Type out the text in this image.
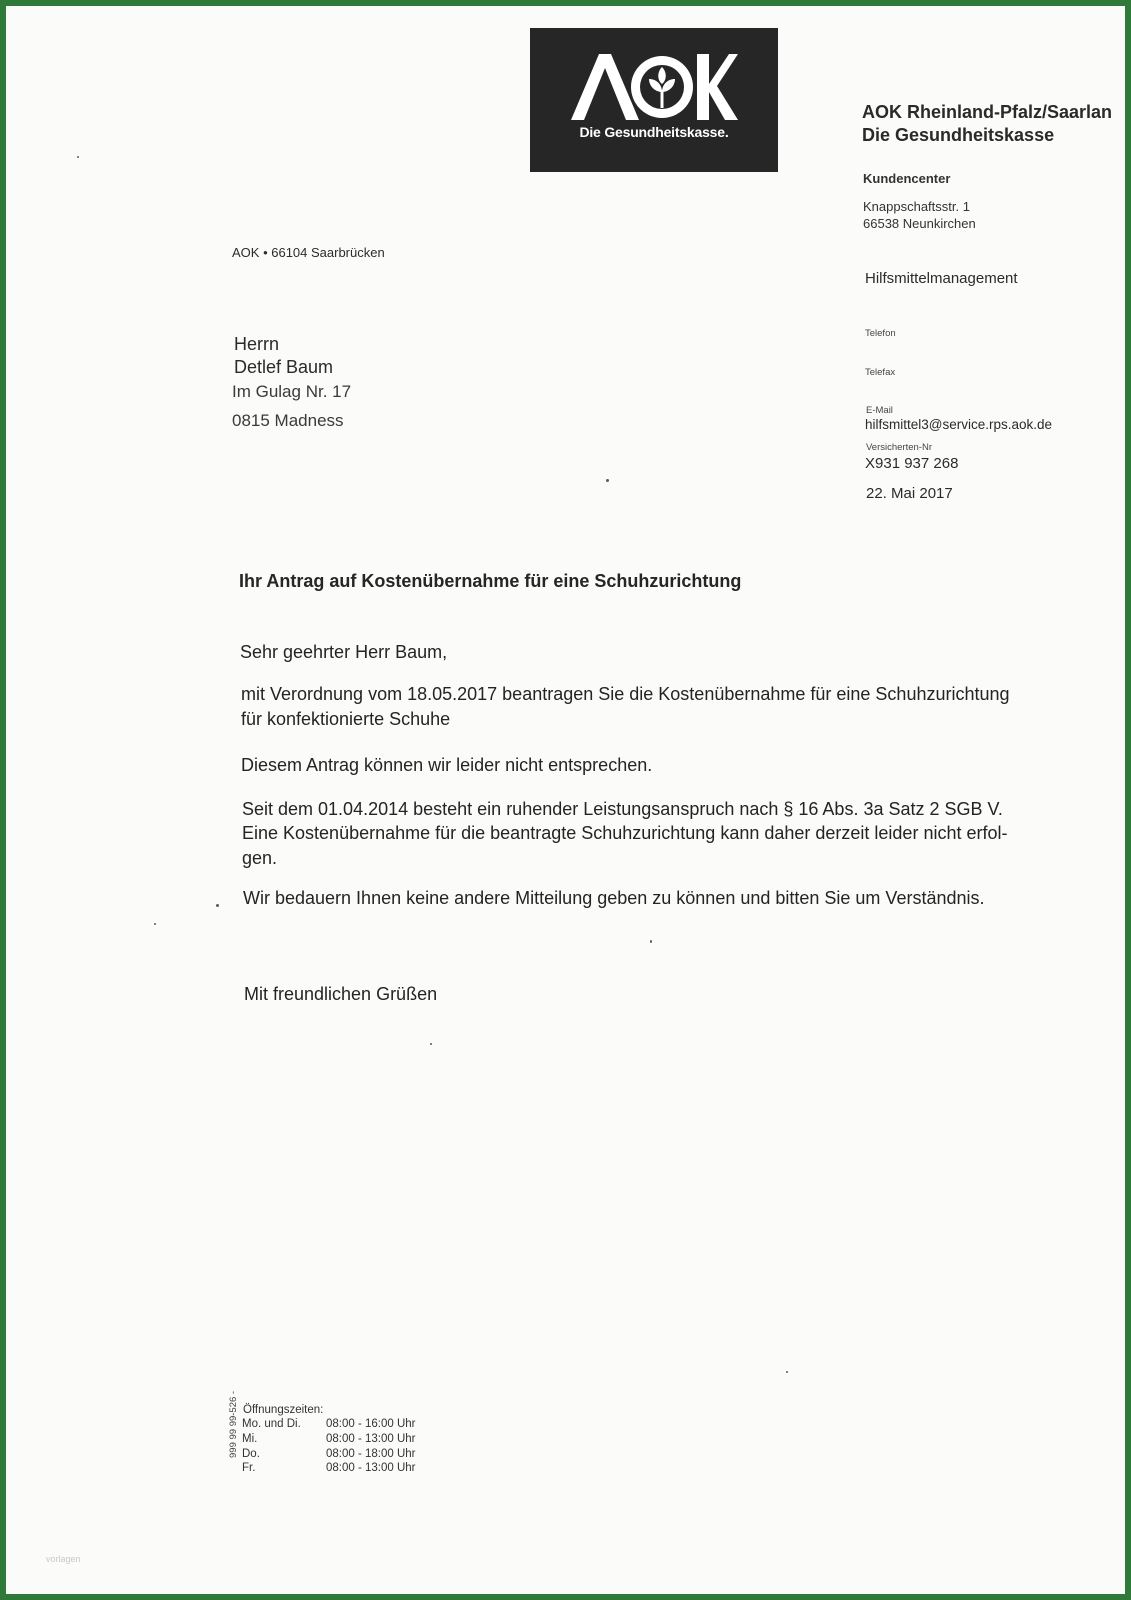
Die Gesundheitskasse.
AOK Rheinland-Pfalz/Saarlan
Die Gesundheitskasse
Kundencenter
Knappschaftsstr. 1
66538 Neunkirchen
Hilfsmittelmanagement
Telefon
Telefax
E-Mail
hilfsmittel3@service.rps.aok.de
Versicherten-Nr
X931 937 268
22. Mai 2017
AOK • 66104 Saarbrücken
Herrn
Detlef Baum
Im Gulag Nr. 17
0815 Madness
Ihr Antrag auf Kostenübernahme für eine Schuhzurichtung
Sehr geehrter Herr Baum,
mit Verordnung vom 18.05.2017 beantragen Sie die Kostenübernahme für eine Schuhzurichtung
für konfektionierte Schuhe
Diesem Antrag können wir leider nicht entsprechen.
Seit dem 01.04.2014 besteht ein ruhender Leistungsanspruch nach § 16 Abs. 3a Satz 2 SGB V.
Eine Kostenübernahme für die beantragte Schuhzurichtung kann daher derzeit leider nicht erfol-
gen.
Wir bedauern Ihnen keine andere Mitteilung geben zu können und bitten Sie um Verständnis.
Mit freundlichen Grüßen
Öffnungszeiten:
Mo. und Di. 08:00 - 16:00 Uhr
Mi.	08:00 - 13:00 Uhr
Do.	08:00 - 18:00 Uhr
Fr.	08:00 - 13:00 Uhr
999 99 99-526 -
vorlagen
